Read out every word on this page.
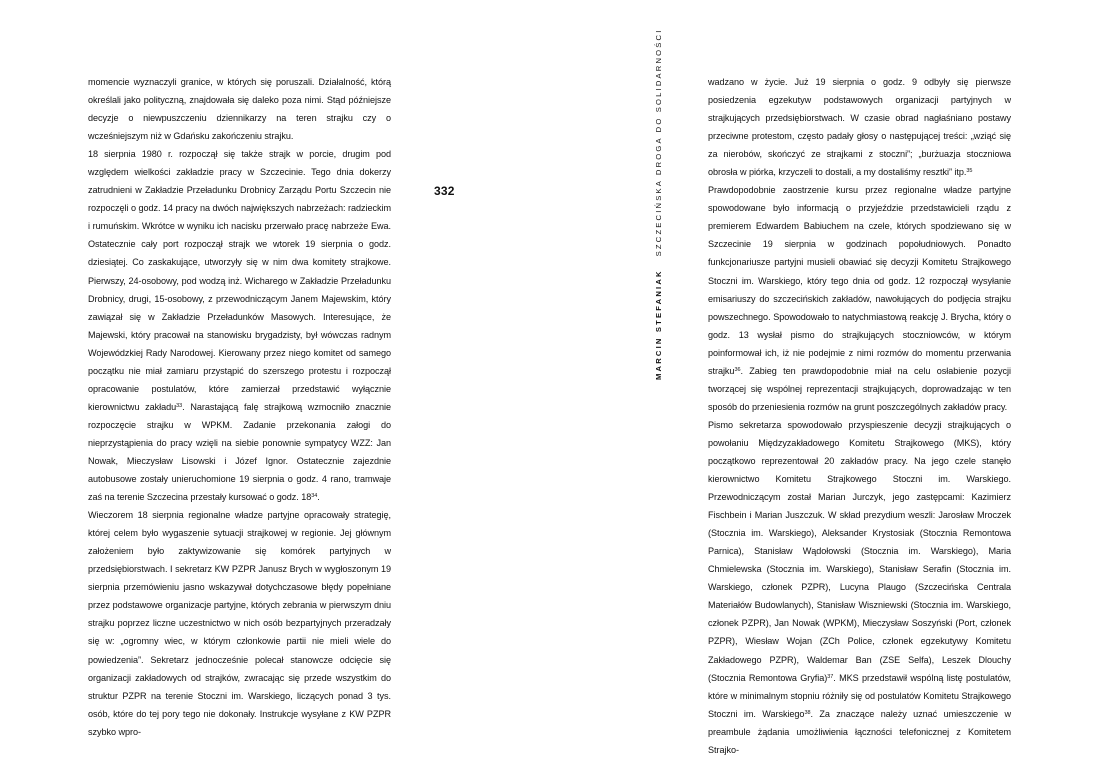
momencie wyznaczyli granice, w których się poruszali. Działalność, którą określali jako polityczną, znajdowała się daleko poza nimi. Stąd późniejsze decyzje o niewpuszczeniu dziennikarzy na teren strajku czy o wcześniejszym niż w Gdańsku zakończeniu strajku.

18 sierpnia 1980 r. rozpoczął się także strajk w porcie, drugim pod względem wielkości zakładzie pracy w Szczecinie. Tego dnia dokerzy zatrudnieni w Zakładzie Przeładunku Drobnicy Zarządu Portu Szczecin nie rozpoczęli o godz. 14 pracy na dwóch największych nabrzeżach: radzieckim i rumuńskim. Wkrótce w wyniku ich nacisku przerwało pracę nabrzeże Ewa. Ostatecznie cały port rozpoczął strajk we wtorek 19 sierpnia o godz. dziesiątej. Co zaskakujące, utworzyły się w nim dwa komitety strajkowe. Pierwszy, 24-osobowy, pod wodzą inż. Wicharego w Zakładzie Przeładunku Drobnicy, drugi, 15-osobowy, z przewodniczącym Janem Majewskim, który zawiązał się w Zakładzie Przeładunków Masowych. Interesujące, że Majewski, który pracował na stanowisku brygadzisty, był wówczas radnym Wojewódzkiej Rady Narodowej. Kierowany przez niego komitet od samego początku nie miał zamiaru przystąpić do szerszego protestu i rozpoczął opracowanie postulatów, które zamierzał przedstawić wyłącznie kierownictwu zakładu$^{33}$. Narastającą falę strajkową wzmocniło znacznie rozpoczęcie strajku w WPKM. Zadanie przekonania załogi do nieprzystąpienia do pracy wzięli na siebie ponownie sympatycy WZZ: Jan Nowak, Mieczysław Lisowski i Józef Ignor. Ostatecznie zajezdnie autobusowe zostały unieruchomione 19 sierpnia o godz. 4 rano, tramwaje zaś na terenie Szczecina przestały kursować o godz. $18^{34}$.

Wieczorem 18 sierpnia regionalne władze partyjne opracowały strategię, której celem było wygaszenie sytuacji strajkowej w regionie. Jej głównym założeniem było zaktywizowanie się komórek partyjnych w przedsiębiorstwach. I sekretarz KW PZPR Janusz Brych w wygłoszonym 19 sierpnia przemówieniu jasno wskazywał dotychczasowe błędy popełniane przez podstawowe organizacje partyjne, których zebrania w pierwszym dniu strajku poprzez liczne uczestnictwo w nich osób bezpartyjnych przeradzały się w: „ogromny wiec, w którym członkowie partii nie mieli wiele do powiedzenia”. Sekretarz jednocześnie polecał stanowcze odcięcie się organizacji zakładowych od strajków, zwracając się przede wszystkim do struktur PZPR na terenie Stoczni im. Warskiego, liczących ponad 3 tys. osób, które do tej pory tego nie dokonały. Instrukcje wysyłane z KW PZPR szybko wpro-

332
MARCIN STEFANIAK   SZCZECIŃSKA DROGA DO SOLIDARNOŚCI	wadzano w życie. Już 19 sierpnia o godz. 9 odbyły się pierwsze posiedzenia egzekutyw podstawowych organizacji partyjnych w strajkujących przedsiębiorstwach. W czasie obrad nagłaśniano postawy przeciwne protestom, często padały głosy o następującej treści: „wziąć się za nierobów, skończyć ze strajkami z stoczni”; „burżuazja stoczniowa obrosła w piórka, krzyczeli to dostali, a my dostaliśmy resztki” itp.$^{35}$

Prawdopodobnie zaostrzenie kursu przez regionalne władze partyjne spowodowane było informacją o przyjeździe przedstawicieli rządu z premierem Edwardem Babiuchem na czele, których spodziewano się w Szczecinie 19 sierpnia w godzinach popołudniowych. Ponadto funkcjonariusze partyjni musieli obawiać się decyzji Komitetu Strajkowego Stoczni im. Warskiego, który tego dnia od godz. 12 rozpoczął wysyłanie emisariuszy do szczecińskich zakładów, nawołujących do podjęcia strajku powszechnego. Spowodowało to natychmiastową reakcję J. Brycha, który o godz. 13 wysłał pismo do strajkujących stoczniowców, w którym poinformował ich, iż nie podejmie z nimi rozmów do momentu przerwania strajku$^{36}$. Zabieg ten prawdopodobnie miał na celu osłabienie pozycji tworzącej się wspólnej reprezentacji strajkujących, doprowadzając w ten sposób do przeniesienia rozmów na grunt poszczególnych zakładów pracy.

Pismo sekretarza spowodowało przyspieszenie decyzji strajkujących o powołaniu Międzyzakładowego Komitetu Strajkowego (MKS), który początkowo reprezentował 20 zakładów pracy. Na jego czele stanęło kierownictwo Komitetu Strajkowego Stoczni im. Warskiego. Przewodniczącym został Marian Jurczyk, jego zastępcami: Kazimierz Fischbein i Marian Juszczuk. W skład prezydium weszli: Jarosław Mroczek (Stocznia im. Warskiego), Aleksander Krystosiak (Stocznia Remontowa Parnica), Stanisław Wądołowski (Stocznia im. Warskiego), Maria Chmielewska (Stocznia im. Warskiego), Stanisław Serafin (Stocznia im. Warskiego, członek PZPR), Lucyna Plaugo (Szczecińska Centrala Materiałów Budowlanych), Stanisław Wiszniewski (Stocznia im. Warskiego, członek PZPR), Jan Nowak (WPKM), Mieczysław Soszyński (Port, członek PZPR), Wiesław Wojan (ZCh Police, członek egzekutywy Komitetu Zakładowego PZPR), Waldemar Ban (ZSE Selfa), Leszek Dlouchy (Stocznia Remontowa Gryfia)$^{37}$. MKS przedstawił wspólną listę postulatów, które w minimalnym stopniu różniły się od postulatów Komitetu Strajkowego Stoczni im. Warskiego$^{38}$. Za znaczące należy uznać umieszczenie w preambule żądania umożliwienia łączności telefonicznej z Komitetem Strajko-
